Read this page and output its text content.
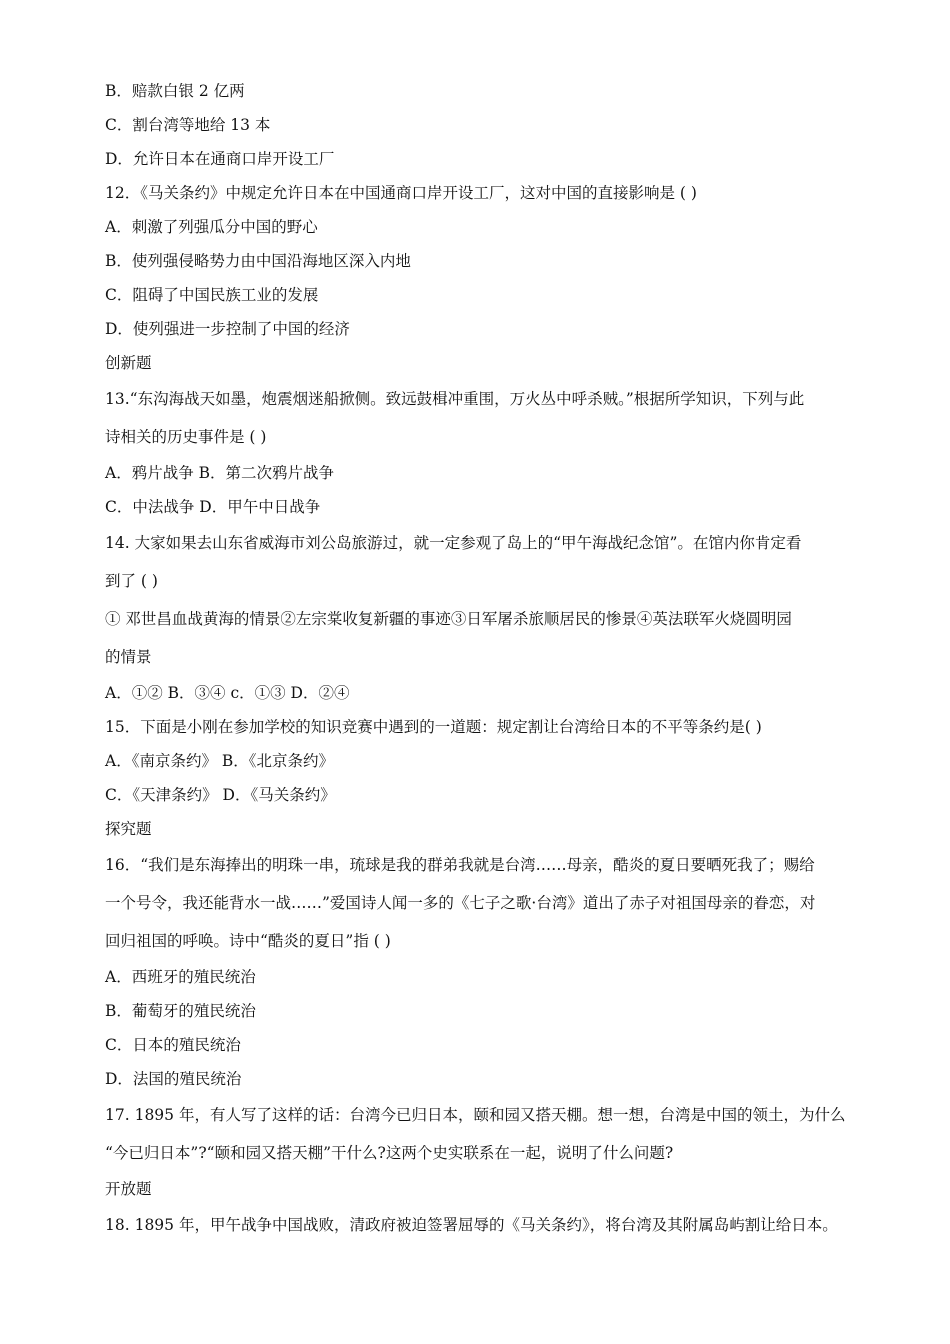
B．赔款白银 2 亿两

C．割台湾等地给 13 本

D．允许日本在通商口岸开设工厂

12．《马关条约》中规定允许日本在中国通商口岸开设工厂，这对中国的直接影响是 ( )

A．刺激了列强瓜分中国的野心

B．使列强侵略势力由中国沿海地区深入内地

C．阻碍了中国民族工业的发展

D．使列强进一步控制了中国的经济

创新题

13.“东沟海战天如墨，炮震烟迷船掀侧。致远鼓楫冲重围，万火丛中呼杀贼。”根据所学知识，下列与此

诗相关的历史事件是 ( )

A．鸦片战争 B．第二次鸦片战争

C．中法战争 D．甲午中日战争

14. 大家如果去山东省威海市刘公岛旅游过，就一定参观了岛上的“甲午海战纪念馆”。在馆内你肯定看

到了 ( )

① 邓世昌血战黄海的情景②左宗棠收复新疆的事迹③日军屠杀旅顺居民的惨景④英法联军火烧圆明园

的情景

A．①② B．③④ c．①③ D．②④

15．下面是小刚在参加学校的知识竞赛中遇到的一道题：规定割让台湾给日本的不平等条约是( )

A．《南京条约》 B．《北京条约》

C．《天津条约》 D．《马关条约》

探究题

16．“我们是东海捧出的明珠一串，琉球是我的群弟我就是台湾……母亲，酷炎的夏日要晒死我了；赐给

一个号令，我还能背水一战……”爱国诗人闻一多的《七子之歌·台湾》道出了赤子对祖国母亲的眷恋，对

回归祖国的呼唤。诗中“酷炎的夏日”指 ( )

A．西班牙的殖民统治

B．葡萄牙的殖民统治

C．日本的殖民统治

D．法国的殖民统治

17. 1895 年，有人写了这样的话：台湾今已归日本，颐和园又搭天棚。想一想，台湾是中国的领土，为什么

“今已归日本”?“颐和园又搭天棚”干什么?这两个史实联系在一起，说明了什么问题?

开放题

18. 1895 年，甲午战争中国战败，清政府被迫签署屈辱的《马关条约》，将台湾及其附属岛屿割让给日本。
